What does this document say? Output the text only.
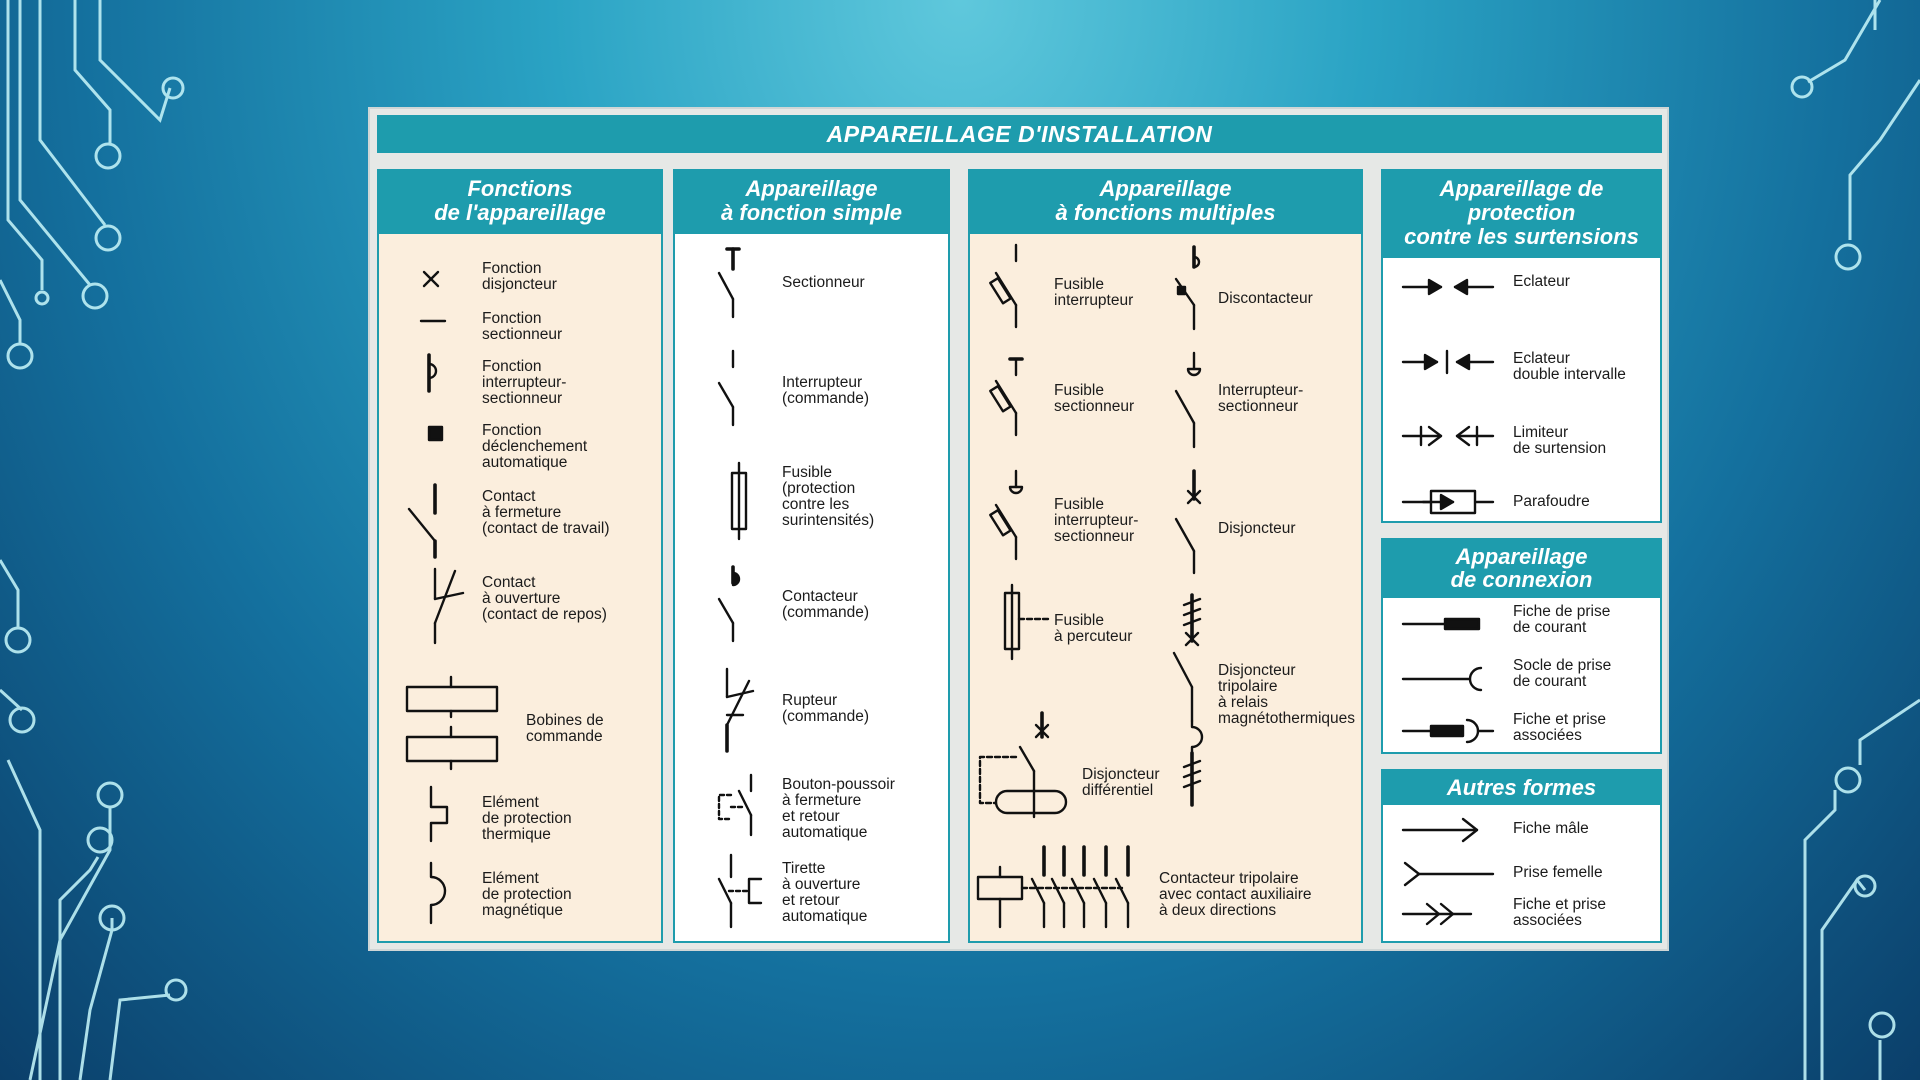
APPAREILLAGE D'INSTALLATION
Fonctions
de l'appareillage
Fonction
disjoncteur
Fonction
sectionneur
Fonction
interrupteur-
sectionneur
Fonction
déclenchement
automatique
Contact
à fermeture
(contact de travail)
Contact
à ouverture
(contact de repos)
Bobines de
commande
Elément
de protection
thermique
Elément
de protection
magnétique
Appareillage
à fonction simple
Sectionneur
Interrupteur
(commande)
Fusible
(protection
contre les
surintensités)
Contacteur
(commande)
Rupteur
(commande)
Bouton-poussoir
à fermeture
et retour
automatique
Tirette
à ouverture
et retour
automatique
Appareillage
à fonctions multiples
Fusible
interrupteur	Discontacteur
Fusible
sectionneur
Interrupteur-
sectionneur
Fusible
interrupteur-
sectionneur	Disjoncteur
Fusible
à percuteur
Disjoncteur
tripolaire
à relais
magnétothermiques
Disjoncteur
différentiel
Contacteur tripolaire
avec contact auxiliaire
à deux directions
Appareillage de
protection
contre les surtensions
Eclateur
Eclateur
double intervalle
Limiteur
de surtension
Parafoudre
Appareillage
de connexion
Fiche de prise
de courant
Socle de prise
de courant
Fiche et prise
associées
Autres formes
Fiche mâle
Prise femelle
Fiche et prise
associées
